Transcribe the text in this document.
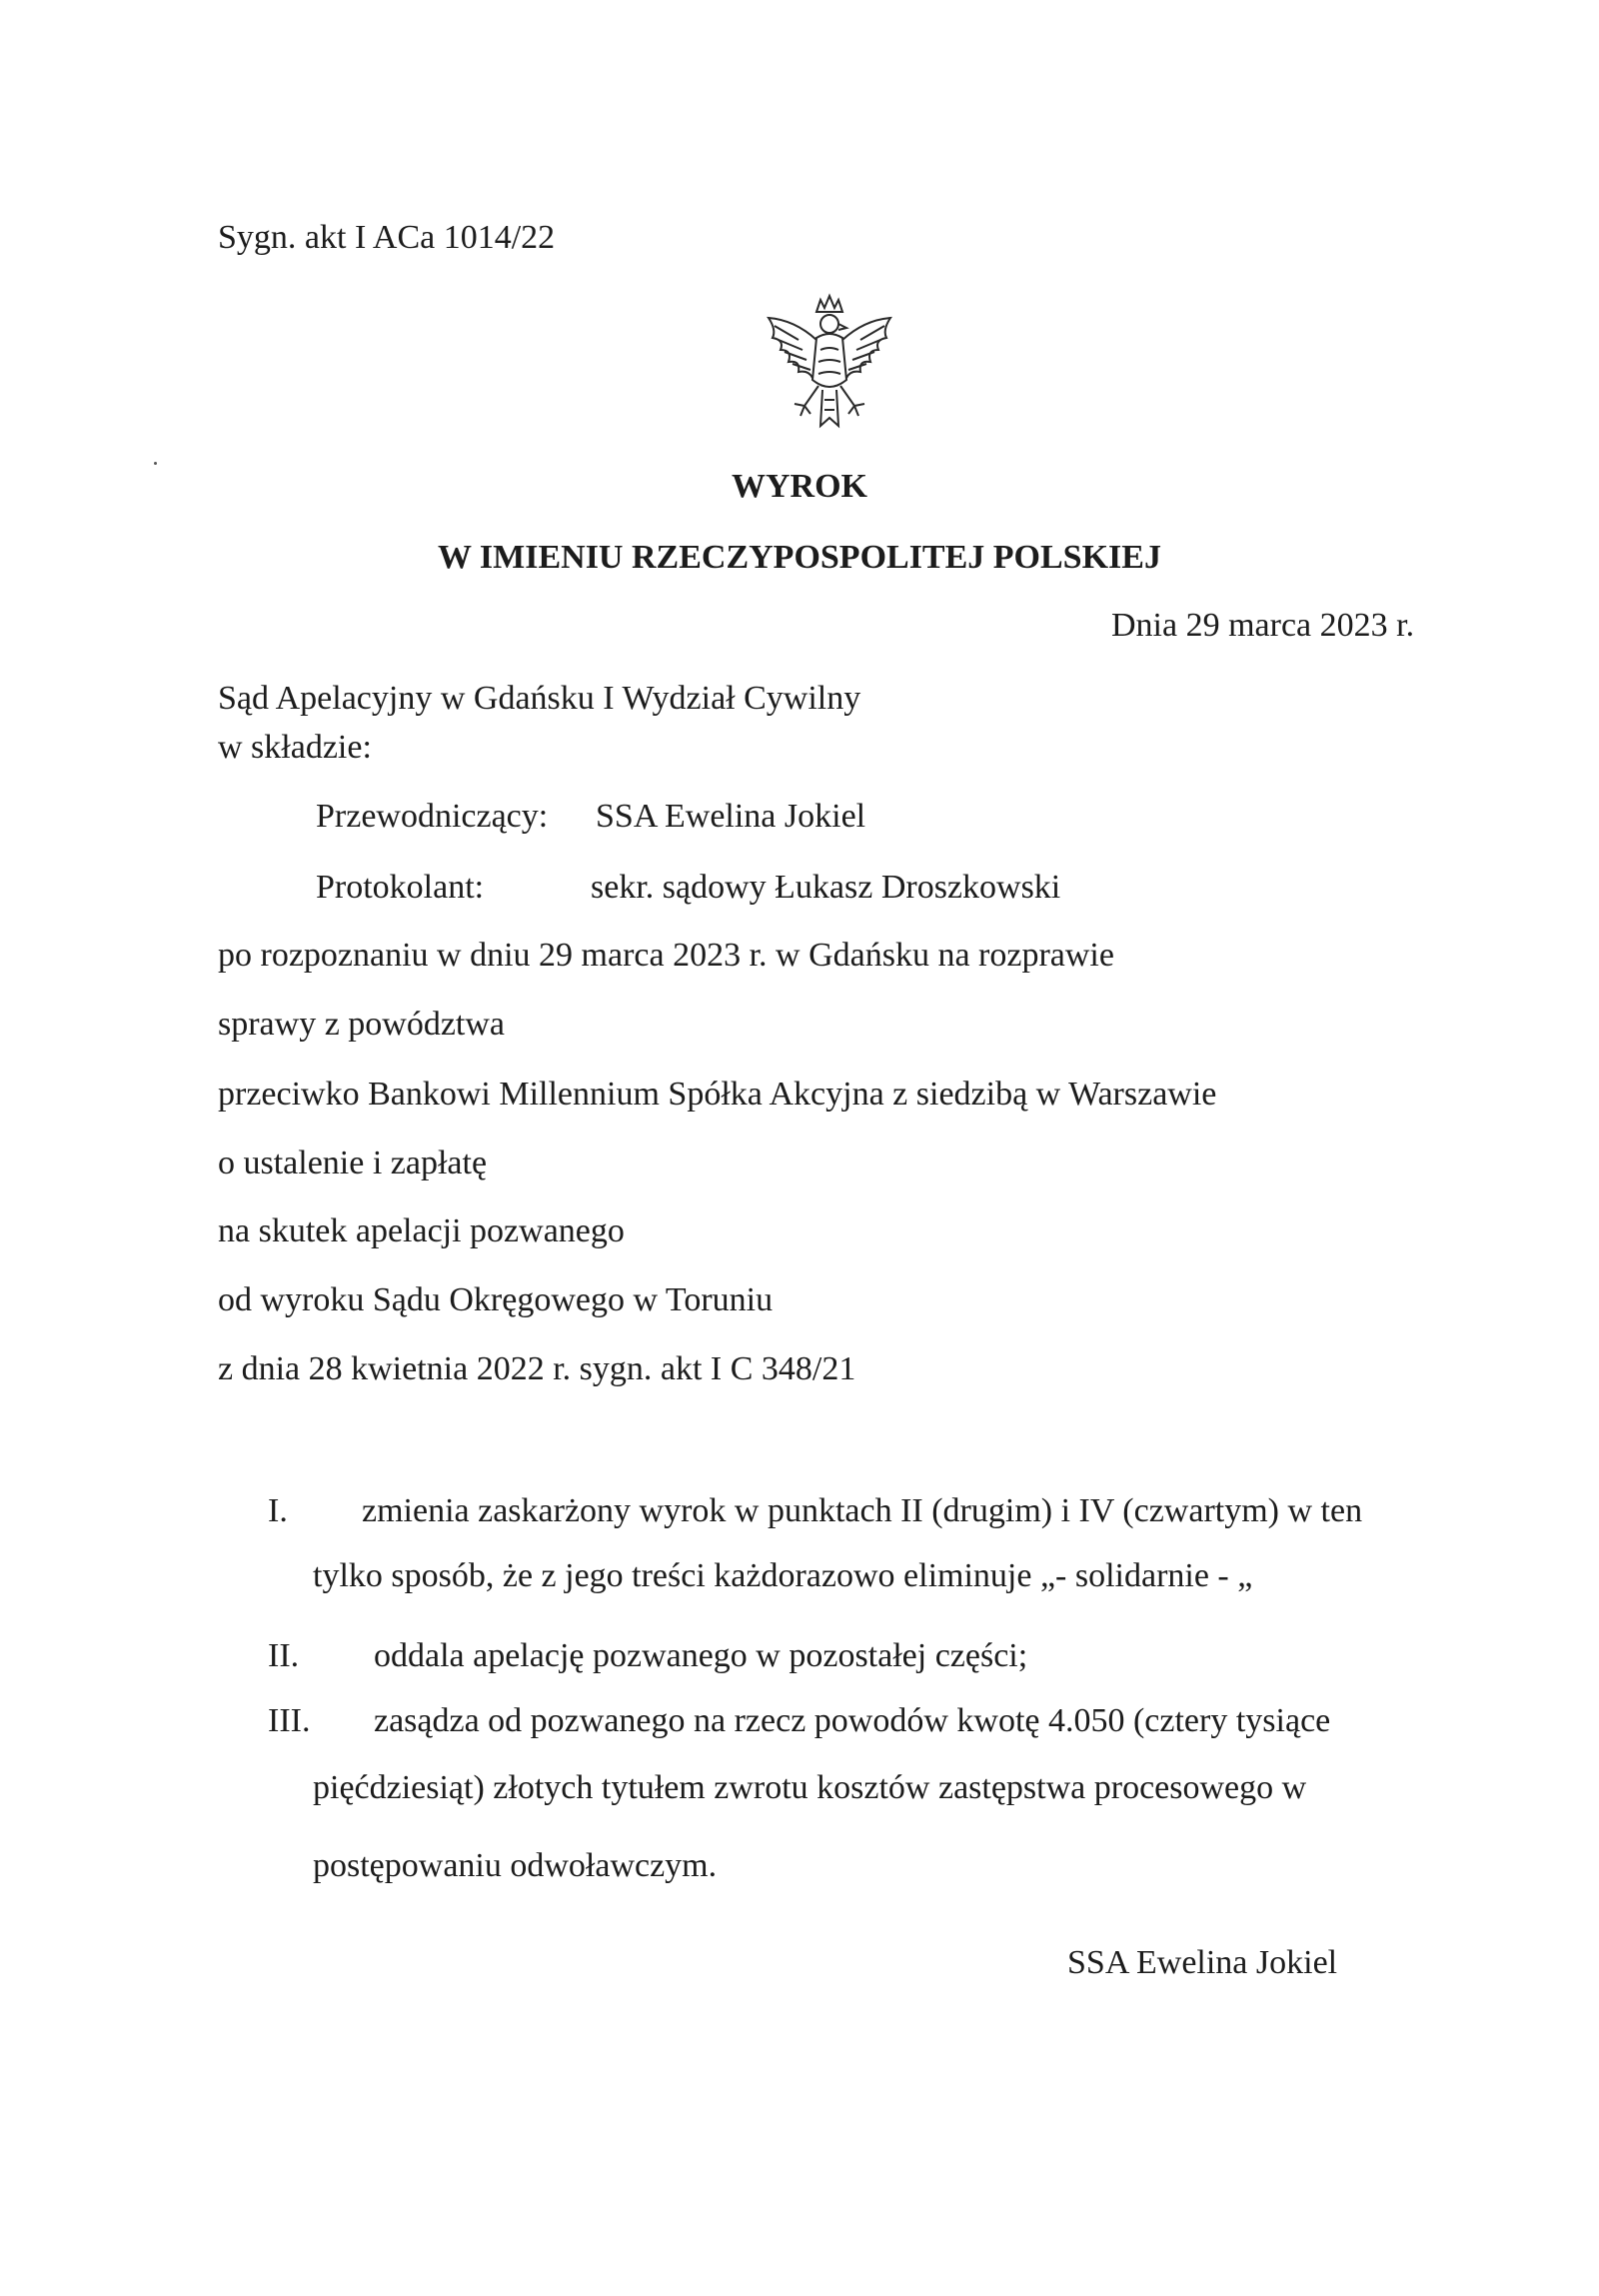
Sygn. akt I ACa 1014/22
WYROK
W IMIENIU RZECZYPOSPOLITEJ POLSKIEJ
Dnia 29 marca 2023 r.
Sąd Apelacyjny w Gdańsku I Wydział Cywilny
w składzie:
Przewodniczący: SSA Ewelina Jokiel
Protokolant:	sekr. sądowy Łukasz Droszkowski
po rozpoznaniu w dniu 29 marca 2023 r. w Gdańsku na rozprawie
sprawy z powództwa
przeciwko Bankowi Millennium Spółka Akcyjna z siedzibą w Warszawie
o ustalenie i zapłatę
na skutek apelacji pozwanego
od wyroku Sądu Okręgowego w Toruniu
z dnia 28 kwietnia 2022 r. sygn. akt I C 348/21
I. zmienia zaskarżony wyrok w punktach II (drugim) i IV (czwartym) w ten
tylko sposób, że z jego treści każdorazowo eliminuje „- solidarnie - „
II. oddala apelację pozwanego w pozostałej części;
III. zasądza od pozwanego na rzecz powodów kwotę 4.050 (cztery tysiące
pięćdziesiąt) złotych tytułem zwrotu kosztów zastępstwa procesowego w
postępowaniu odwoławczym.
SSA Ewelina Jokiel
